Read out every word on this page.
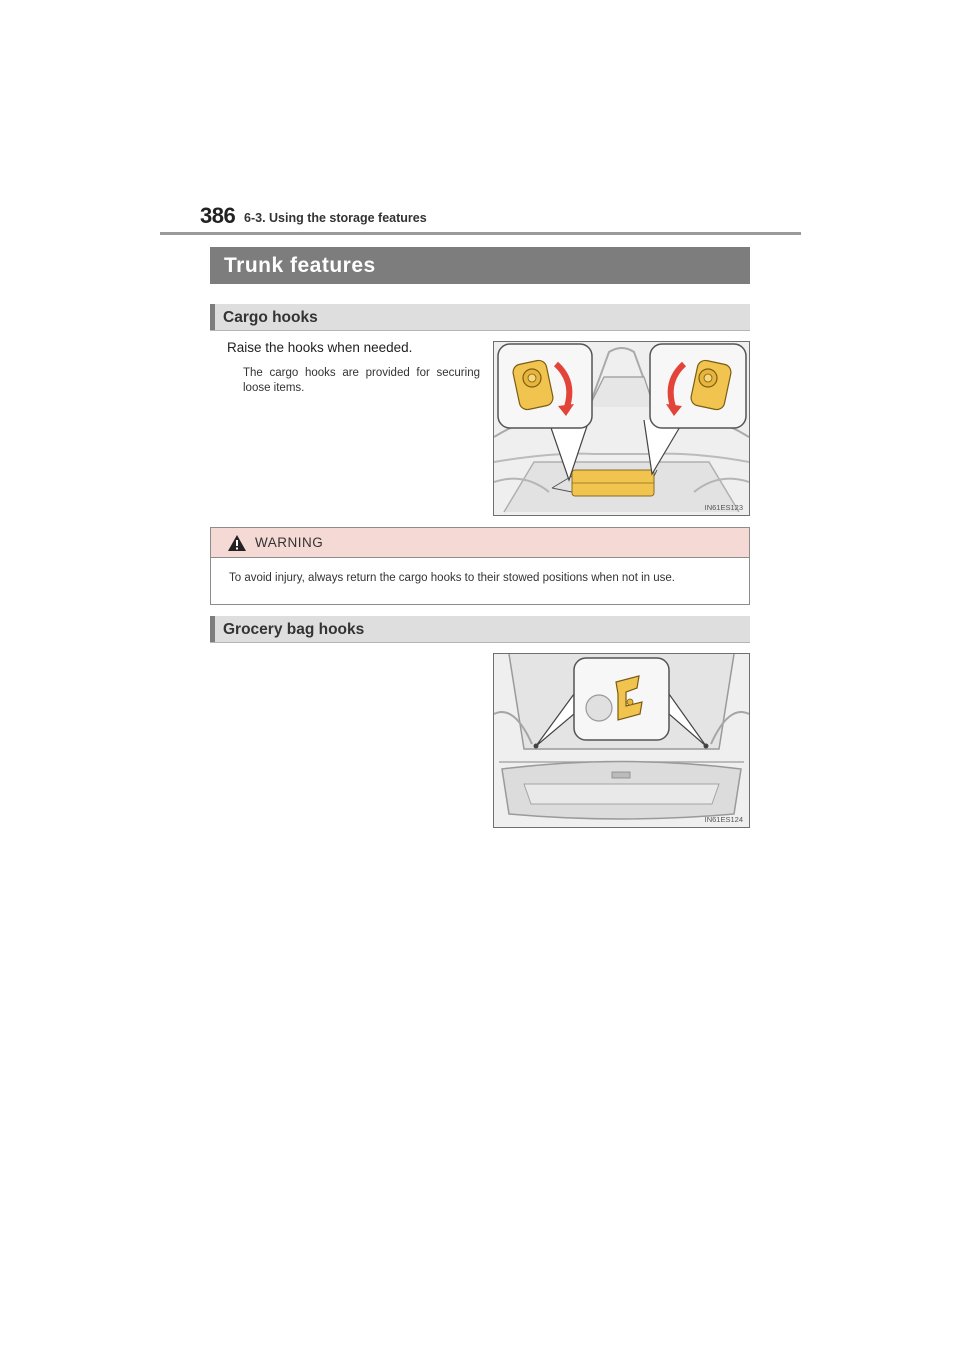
386 6-3. Using the storage features
Trunk features
Cargo hooks
Raise the hooks when needed.
The cargo hooks are provided for securing loose items.
IN61ES123
WARNING
To avoid injury, always return the cargo hooks to their stowed positions when not in use.
Grocery bag hooks
IN61ES124
